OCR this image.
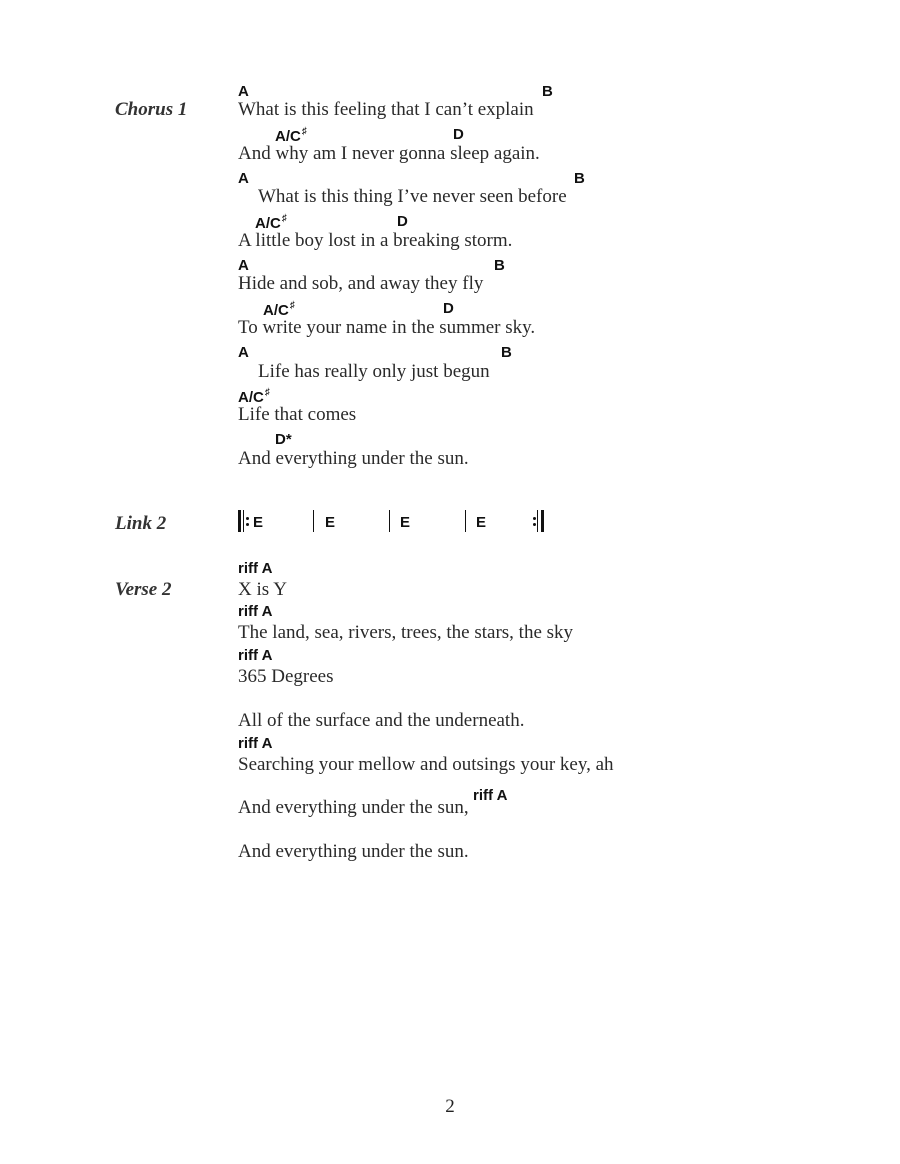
Chorus 1
A	B
What is this feeling that I can’t explain
A/C♯	D
And why am I never gonna sleep again.
A	B
What is this thing I’ve never seen before
A/C♯	D
A little boy lost in a breaking storm.
A	B
Hide and sob, and away they fly
A/C♯	D
To write your name in the summer sky.
A	B
Life has really only just begun
A/C♯
Life that comes
D*
And everything under the sun.
Link 2	E	E	E	E
Verse 2
riff A
X is Y
riff A
The land, sea, rivers, trees, the stars, the sky
riff A
365 Degrees
All of the surface and the underneath.
riff A
Searching your mellow and outsings your key, ah
riff A
And everything under the sun,
And everything under the sun.
2
